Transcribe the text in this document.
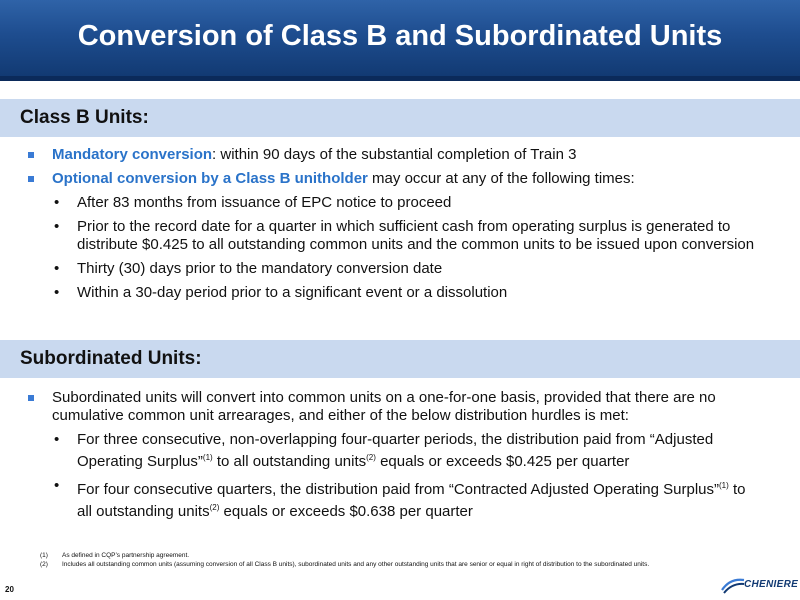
Conversion of Class B and Subordinated Units
Class B Units:
Mandatory conversion: within 90 days of the substantial completion of Train 3
Optional conversion by a Class B unitholder may occur at any of the following times:
• After 83 months from issuance of EPC notice to proceed
• Prior to the record date for a quarter in which sufficient cash from operating surplus is generated to distribute $0.425 to all outstanding common units and the common units to be issued upon conversion
• Thirty (30) days prior to the mandatory conversion date
• Within a 30-day period prior to a significant event or a dissolution
Subordinated Units:
Subordinated units will convert into common units on a one-for-one basis, provided that there are no cumulative common unit arrearages, and either of the below distribution hurdles is met:
• For three consecutive, non-overlapping four-quarter periods, the distribution paid from “Adjusted Operating Surplus”$^{(1)}$ to all outstanding units$^{(2)}$ equals or exceeds $0.425 per quarter
• For four consecutive quarters, the distribution paid from “Contracted Adjusted Operating Surplus”$^{(1)}$ to all outstanding units$^{(2)}$ equals or exceeds $0.638 per quarter
(1) As defined in CQP’s partnership agreement.
(2) Includes all outstanding common units (assuming conversion of all Class B units), subordinated units and any other outstanding units that are senior or equal in right of distribution to the subordinated units.
20	CHENIERE
